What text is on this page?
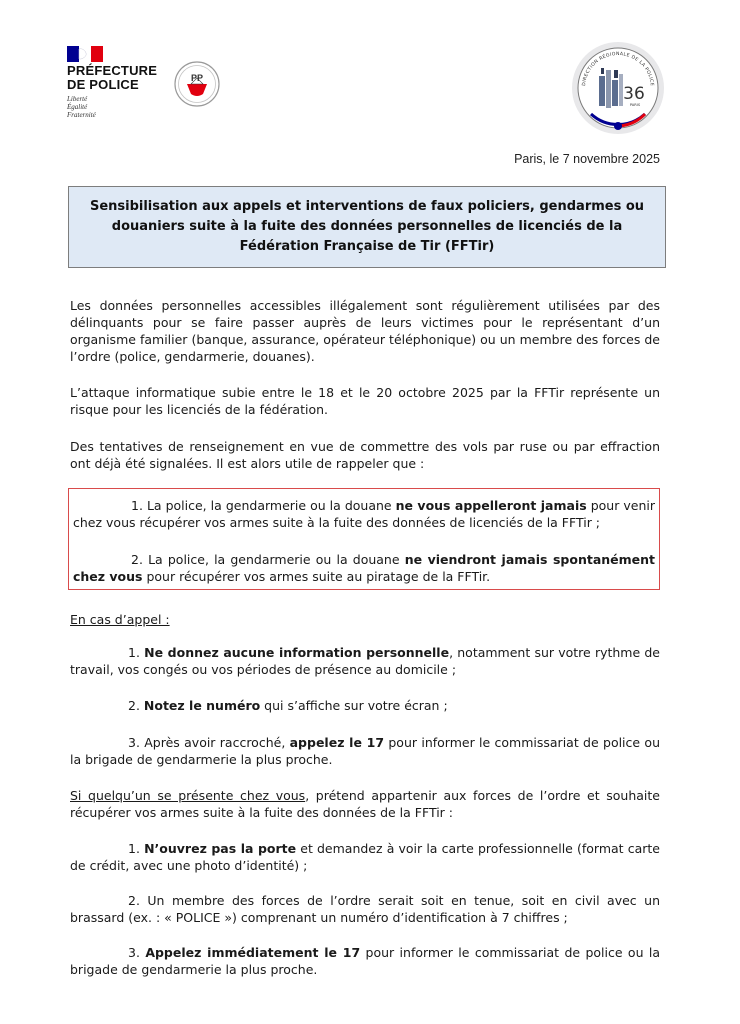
PRÉFECTURE
DE POLICE
Liberté
Égalité
Fraternité
PP
DIRECTION RÉGIONALE DE LA POLICE
36
PARIS
Paris, le 7 novembre 2025
Sensibilisation aux appels et interventions de faux policiers, gendarmes ou douaniers suite à la fuite des données personnelles de licenciés de la Fédération Française de Tir (FFTir)

Les données personnelles accessibles illégalement sont régulièrement utilisées par des délinquants pour se faire passer auprès de leurs victimes pour le représentant d’un organisme familier (banque, assurance, opérateur téléphonique) ou un membre des forces de l’ordre (police, gendarmerie, douanes).

L’attaque informatique subie entre le 18 et le 20 octobre 2025 par la FFTir représente un risque pour les licenciés de la fédération.

Des tentatives de renseignement en vue de commettre des vols par ruse ou par effraction ont déjà été signalées. Il est alors utile de rappeler que :

1. La police, la gendarmerie ou la douane ne vous appelleront jamais pour venir chez vous récupérer vos armes suite à la fuite des données de licenciés de la FFTir ;

2. La police, la gendarmerie ou la douane ne viendront jamais spontanément chez vous pour récupérer vos armes suite au piratage de la FFTir.

En cas d’appel :

1. Ne donnez aucune information personnelle, notamment sur votre rythme de travail, vos congés ou vos périodes de présence au domicile ;

2. Notez le numéro qui s’affiche sur votre écran ;

3. Après avoir raccroché, appelez le 17 pour informer le commissariat de police ou la brigade de gendarmerie la plus proche.

Si quelqu’un se présente chez vous, prétend appartenir aux forces de l’ordre et souhaite récupérer vos armes suite à la fuite des données de la FFTir :

1. N’ouvrez pas la porte et demandez à voir la carte professionnelle (format carte de crédit, avec une photo d’identité) ;

2. Un membre des forces de l’ordre serait soit en tenue, soit en civil avec un brassard (ex. : « POLICE ») comprenant un numéro d’identification à 7 chiffres ;

3. Appelez immédiatement le 17 pour informer le commissariat de police ou la brigade de gendarmerie la plus proche.
